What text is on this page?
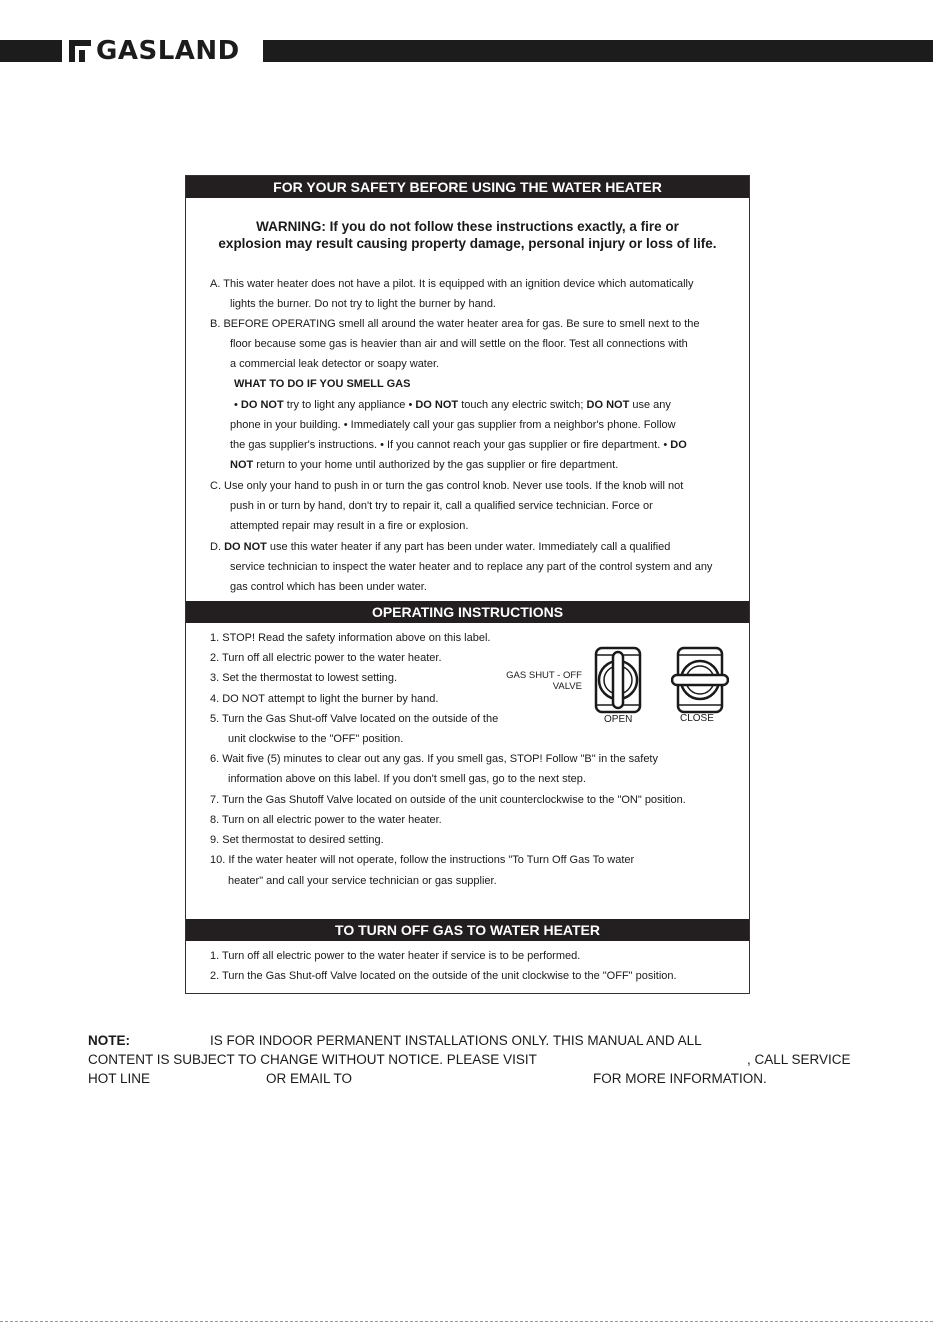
GASLAND
FOR YOUR SAFETY BEFORE USING THE WATER HEATER
WARNING: If you do not follow these instructions exactly, a fire or
explosion may result causing property damage, personal injury or loss of life.
A. This water heater does not have a pilot. It is equipped with an ignition device which automatically
lights the burner. Do not try to light the burner by hand.
B. BEFORE OPERATING smell all around the water heater area for gas. Be sure to smell next to the
floor because some gas is heavier than air and will settle on the floor. Test all connections with
a commercial leak detector or soapy water.
WHAT TO DO IF YOU SMELL GAS
• DO NOT try to light any appliance • DO NOT touch any electric switch; DO NOT use any
phone in your building. • Immediately call your gas supplier from a neighbor's phone. Follow
the gas supplier's instructions. • If you cannot reach your gas supplier or fire department. • DO
NOT return to your home until authorized by the gas supplier or fire department.
C. Use only your hand to push in or turn the gas control knob. Never use tools. If the knob will not
push in or turn by hand, don't try to repair it, call a qualified service technician. Force or
attempted repair may result in a fire or explosion.
D. DO NOT use this water heater if any part has been under water. Immediately call a qualified
service technician to inspect the water heater and to replace any part of the control system and any
gas control which has been under water.
OPERATING INSTRUCTIONS
1. STOP! Read the safety information above on this label.
2. Turn off all electric power to the water heater.
3. Set the thermostat to lowest setting.
4. DO NOT attempt to light the burner by hand.
5. Turn the Gas Shut-off Valve located on the outside of the
unit clockwise to the "OFF" position.
6. Wait five (5) minutes to clear out any gas. If you smell gas, STOP! Follow "B" in the safety
information above on this label. If you don't smell gas, go to the next step.
7. Turn the Gas Shutoff Valve located on outside of the unit counterclockwise to the "ON" position.
8. Turn on all electric power to the water heater.
9. Set thermostat to desired setting.
10. If the water heater will not operate, follow the instructions "To Turn Off Gas To water
heater" and call your service technician or gas supplier.
GAS SHUT - OFF
VALVE
OPEN	CLOSE
TO TURN OFF GAS TO WATER HEATER
1. Turn off all electric power to the water heater if service is to be performed.
2. Turn the Gas Shut-off Valve located on the outside of the unit clockwise to the "OFF" position.
NOTE:	IS FOR INDOOR PERMANENT INSTALLATIONS ONLY. THIS MANUAL AND ALL
CONTENT IS SUBJECT TO CHANGE WITHOUT NOTICE. PLEASE VISIT	, CALL SERVICE
HOT LINE	OR EMAIL TO	FOR MORE INFORMATION.
